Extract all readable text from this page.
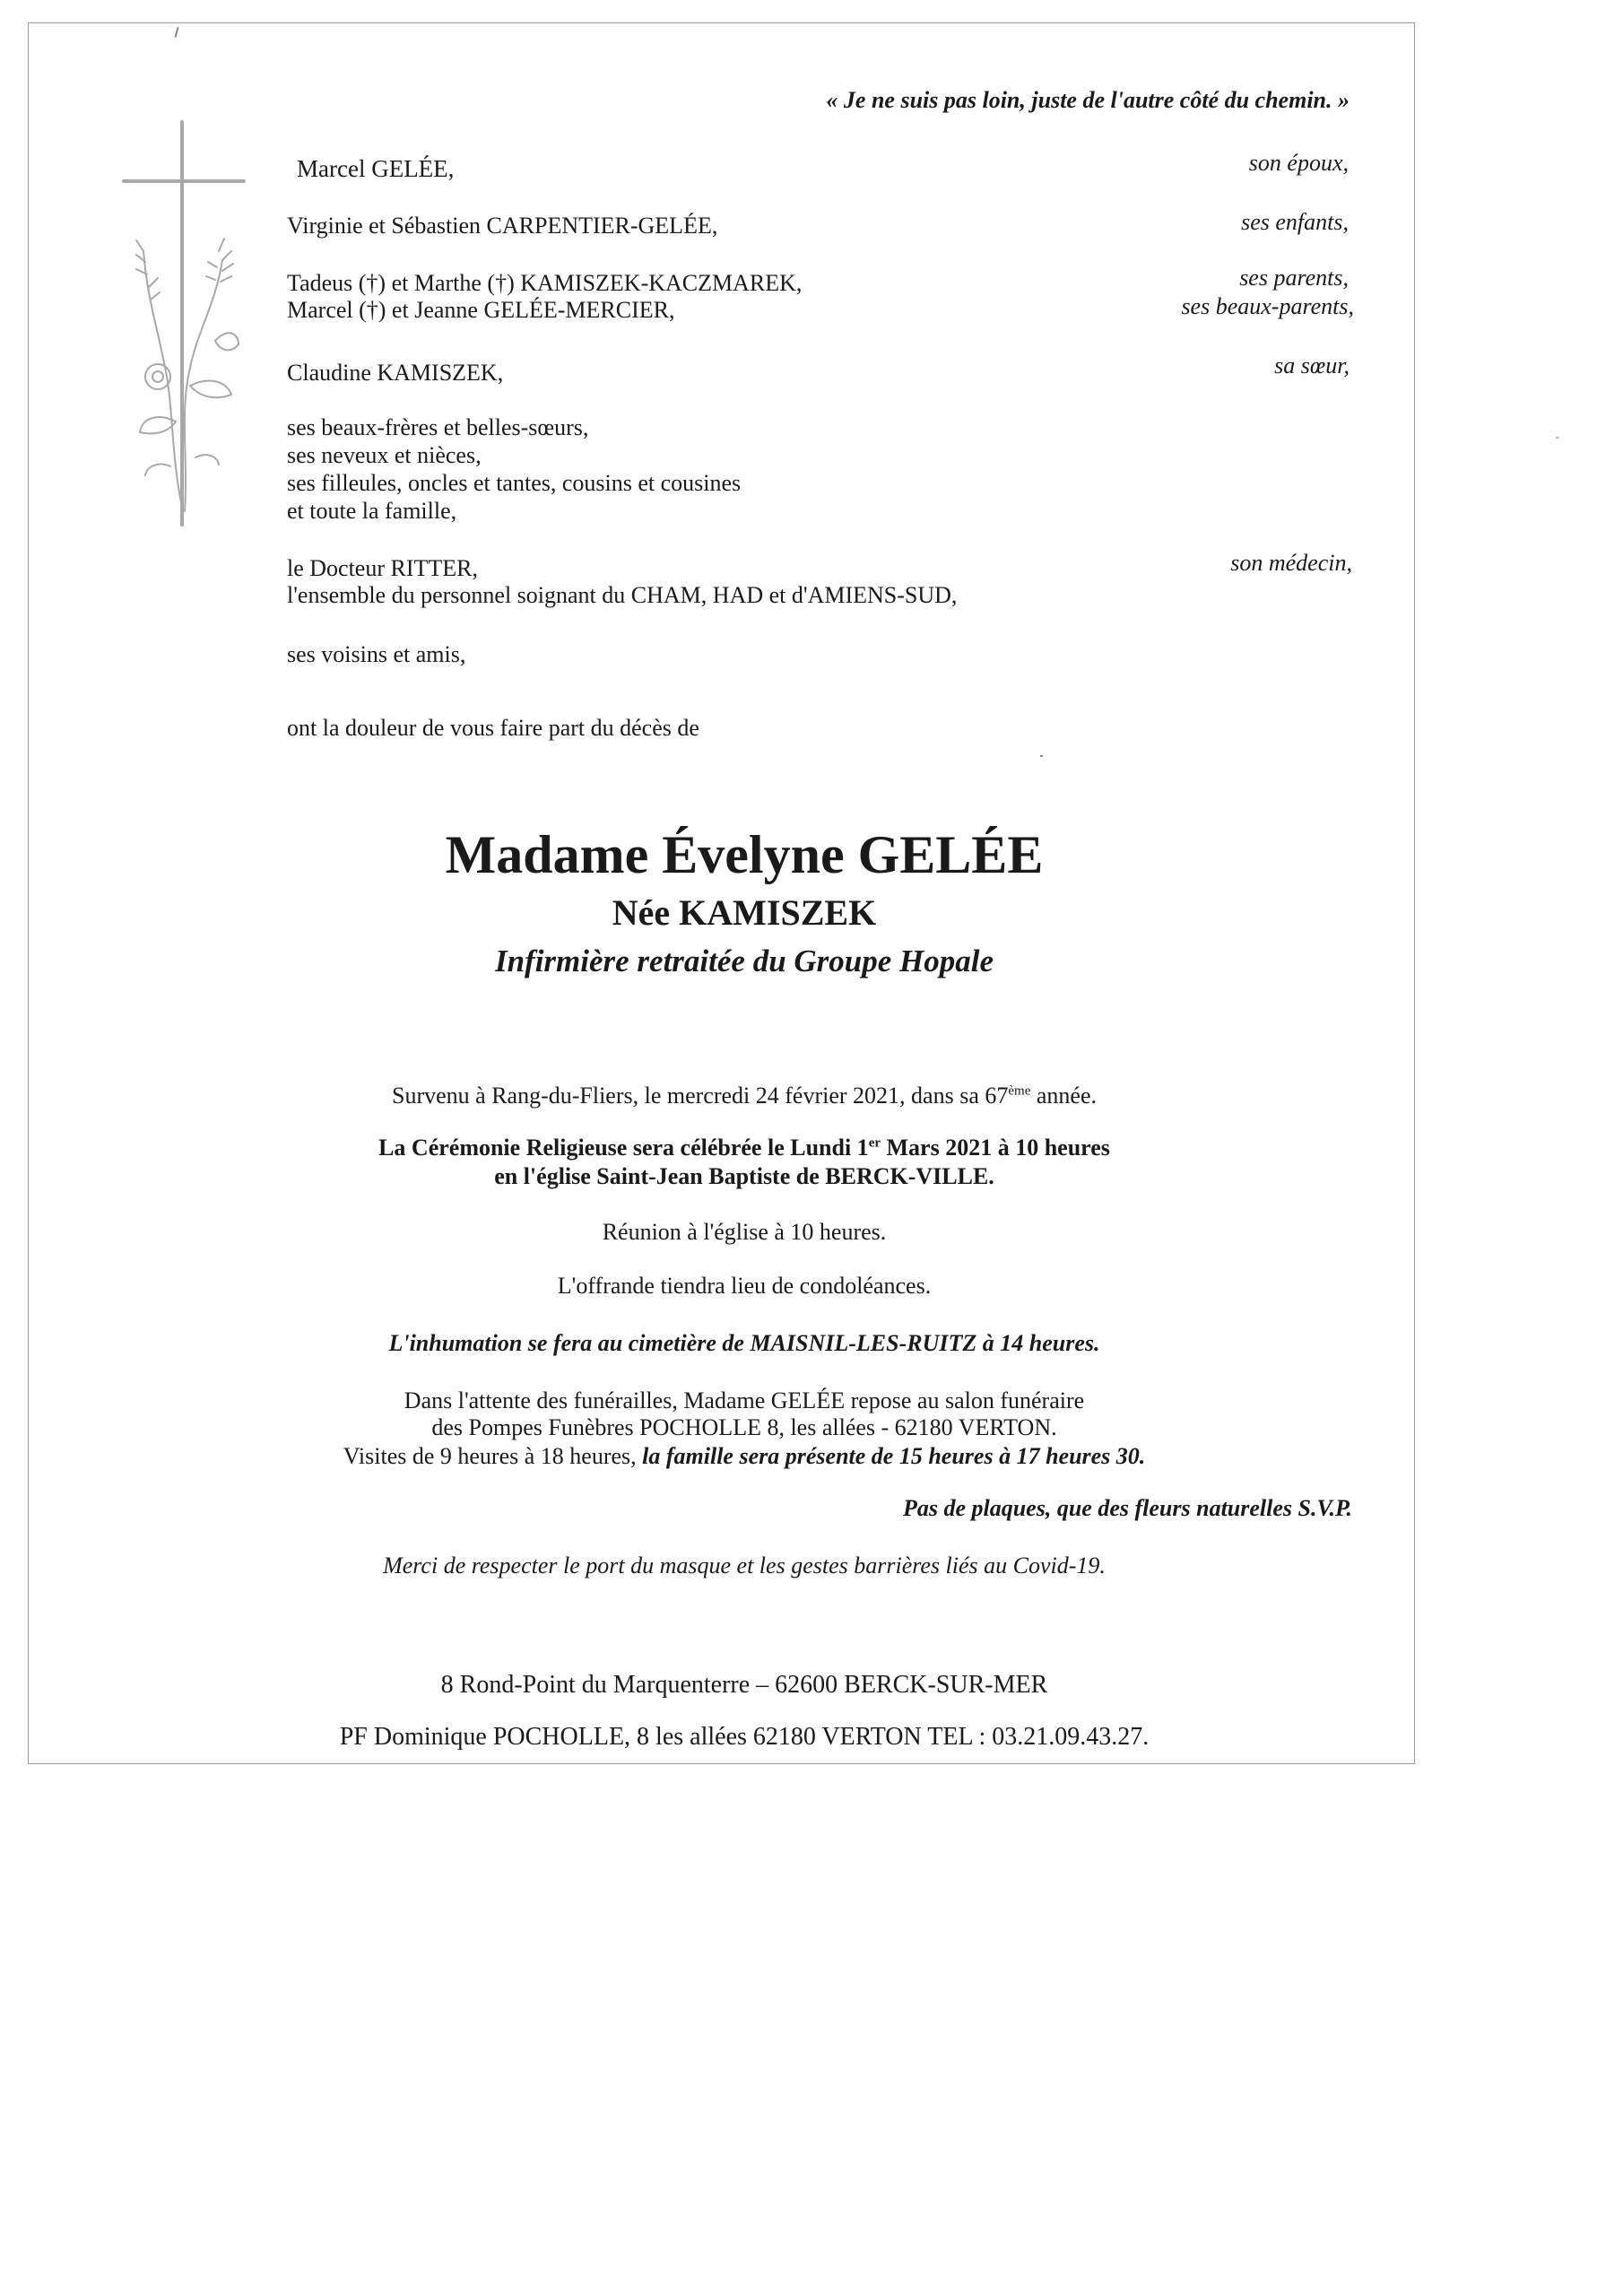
« Je ne suis pas loin, juste de l'autre côté du chemin. »
Marcel GELÉE,	son époux,
Virginie et Sébastien CARPENTIER-GELÉE,	ses enfants,
Tadeus (†) et Marthe (†) KAMISZEK-KACZMAREK,	ses parents,
Marcel (†) et Jeanne GELÉE-MERCIER,	ses beaux-parents,
Claudine KAMISZEK,	sa sœur,
ses beaux-frères et belles-sœurs,
ses neveux et nièces,
ses filleules, oncles et tantes, cousins et cousines
et toute la famille,
le Docteur RITTER,	son médecin,
l'ensemble du personnel soignant du CHAM, HAD et d'AMIENS-SUD,
ses voisins et amis,
ont la douleur de vous faire part du décès de
Madame Évelyne GELÉE
Née KAMISZEK
Infirmière retraitée du Groupe Hopale
Survenu à Rang-du-Fliers, le mercredi 24 février 2021, dans sa 67ème année.
La Cérémonie Religieuse sera célébrée le Lundi 1er Mars 2021 à 10 heures
en l'église Saint-Jean Baptiste de BERCK-VILLE.
Réunion à l'église à 10 heures.
L'offrande tiendra lieu de condoléances.
L'inhumation se fera au cimetière de MAISNIL-LES-RUITZ à 14 heures.
Dans l'attente des funérailles, Madame GELÉE repose au salon funéraire
des Pompes Funèbres POCHOLLE 8, les allées - 62180 VERTON.
Visites de 9 heures à 18 heures, la famille sera présente de 15 heures à 17 heures 30.
Pas de plaques, que des fleurs naturelles S.V.P.
Merci de respecter le port du masque et les gestes barrières liés au Covid-19.
8 Rond-Point du Marquenterre – 62600 BERCK-SUR-MER
PF Dominique POCHOLLE, 8 les allées 62180 VERTON TEL : 03.21.09.43.27.
